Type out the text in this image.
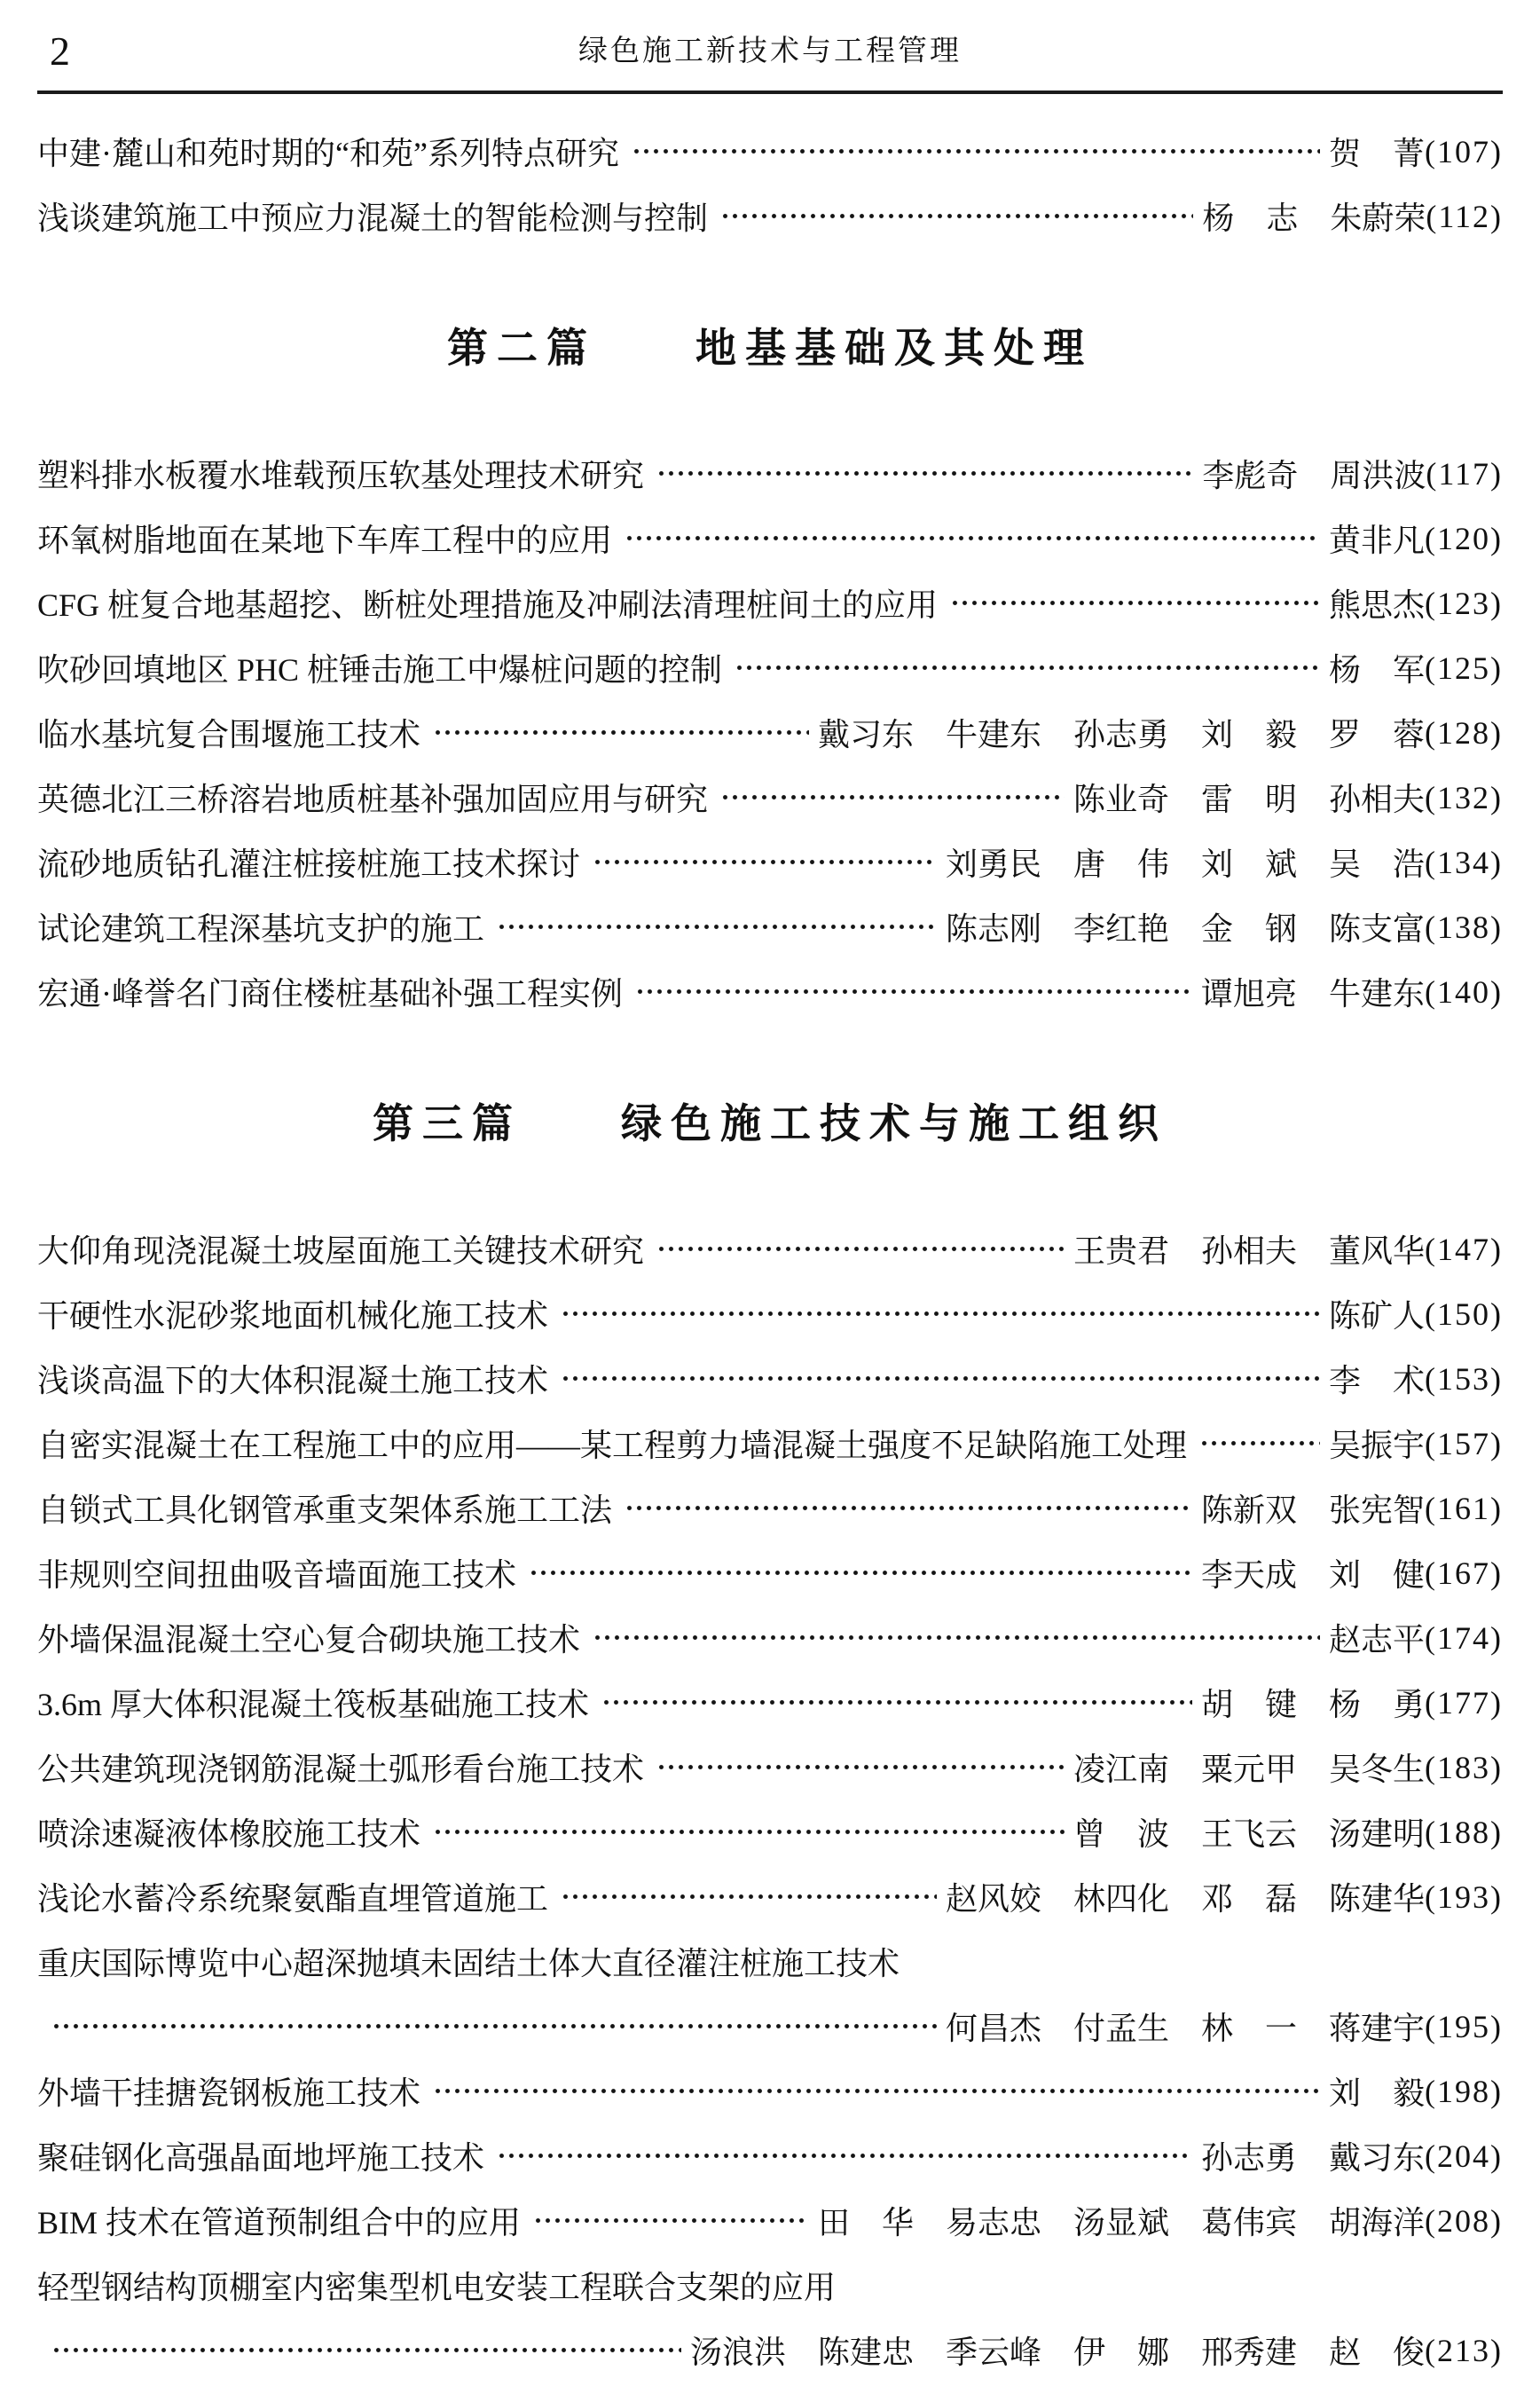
2	绿色施工新技术与工程管理
中建·麓山和苑时期的“和苑”系列特点研究	贺　菁 (107)
浅谈建筑施工中预应力混凝土的智能检测与控制	杨　志　朱蔚荣 (112)
第二篇　　地基基础及其处理
塑料排水板覆水堆载预压软基处理技术研究	李彪奇　周洪波 (117)
环氧树脂地面在某地下车库工程中的应用	黄非凡 (120)
CFG 桩复合地基超挖、断桩处理措施及冲刷法清理桩间土的应用	熊思杰 (123)
吹砂回填地区 PHC 桩锤击施工中爆桩问题的控制	杨　军 (125)
临水基坑复合围堰施工技术	戴习东　牛建东　孙志勇　刘　毅　罗　蓉 (128)
英德北江三桥溶岩地质桩基补强加固应用与研究	陈业奇　雷　明　孙相夫 (132)
流砂地质钻孔灌注桩接桩施工技术探讨	刘勇民　唐　伟　刘　斌　吴　浩 (134)
试论建筑工程深基坑支护的施工	陈志刚　李红艳　金　钢　陈支富 (138)
宏通·峰誉名门商住楼桩基础补强工程实例	谭旭亮　牛建东 (140)
第三篇　　绿色施工技术与施工组织
大仰角现浇混凝土坡屋面施工关键技术研究	王贵君　孙相夫　董风华 (147)
干硬性水泥砂浆地面机械化施工技术	陈矿人 (150)
浅谈高温下的大体积混凝土施工技术	李　术 (153)
自密实混凝土在工程施工中的应用——某工程剪力墙混凝土强度不足缺陷施工处理	吴振宇 (157)
自锁式工具化钢管承重支架体系施工工法	陈新双　张宪智 (161)
非规则空间扭曲吸音墙面施工技术	李天成　刘　健 (167)
外墙保温混凝土空心复合砌块施工技术	赵志平 (174)
3.6m 厚大体积混凝土筏板基础施工技术	胡　键　杨　勇 (177)
公共建筑现浇钢筋混凝土弧形看台施工技术	凌江南　粟元甲　吴冬生 (183)
喷涂速凝液体橡胶施工技术	曾　波　王飞云　汤建明 (188)
浅论水蓄冷系统聚氨酯直埋管道施工	赵风姣　林四化　邓　磊　陈建华 (193)
重庆国际博览中心超深抛填未固结土体大直径灌注桩施工技术
何昌杰　付孟生　林　一　蒋建宇 (195)
外墙干挂搪瓷钢板施工技术	刘　毅 (198)
聚硅钢化高强晶面地坪施工技术	孙志勇　戴习东 (204)
BIM 技术在管道预制组合中的应用	田　华　易志忠　汤显斌　葛伟宾　胡海洋 (208)
轻型钢结构顶棚室内密集型机电安装工程联合支架的应用
汤浪洪　陈建忠　季云峰　伊　娜　邢秀建　赵　俊 (213)
